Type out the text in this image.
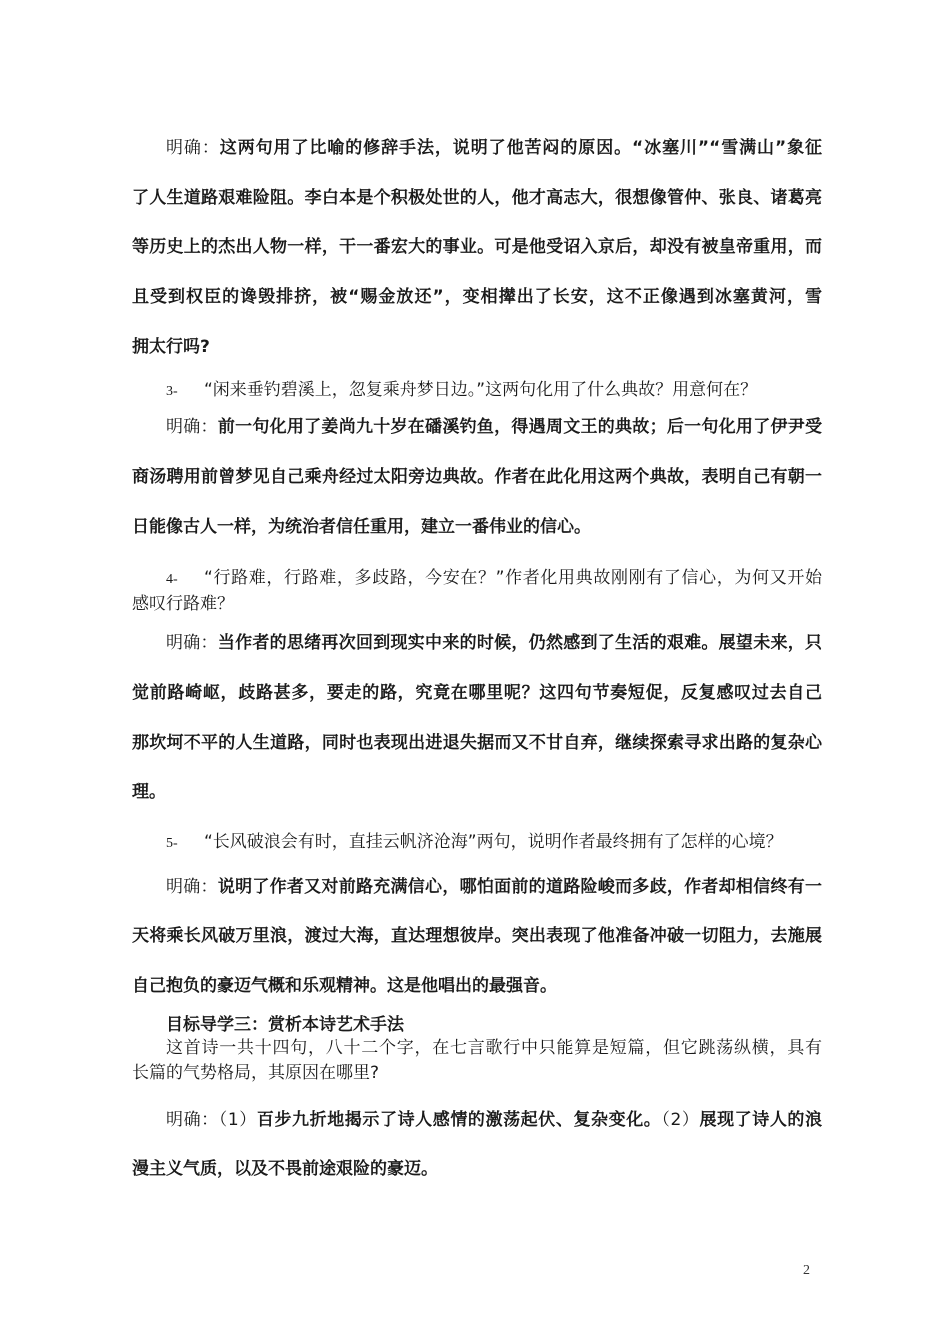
明确：这两句用了比喻的修辞手法，说明了他苦闷的原因。“冰塞川”“雪满山”象征
了人生道路艰难险阻。李白本是个积极处世的人，他才高志大，很想像管仲、张良、诸葛亮
等历史上的杰出人物一样，干一番宏大的事业。可是他受诏入京后，却没有被皇帝重用，而
且受到权臣的谗毁排挤，被“赐金放还”，变相撵出了长安，这不正像遇到冰塞黄河，雪
拥太行吗?
3- “闲来垂钓碧溪上，忽复乘舟梦日边。”这两句化用了什么典故？用意何在？
明确：前一句化用了姜尚九十岁在磻溪钓鱼，得遇周文王的典故；后一句化用了伊尹受
商汤聘用前曾梦见自己乘舟经过太阳旁边典故。作者在此化用这两个典故，表明自己有朝一
日能像古人一样，为统治者信任重用，建立一番伟业的信心。
4- “行路难，行路难，多歧路，今安在？”作者化用典故刚刚有了信心，为何又开始
感叹行路难？
明确：当作者的思绪再次回到现实中来的时候，仍然感到了生活的艰难。展望未来，只
觉前路崎岖，歧路甚多，要走的路，究竟在哪里呢？这四句节奏短促，反复感叹过去自己
那坎坷不平的人生道路，同时也表现出进退失据而又不甘自弃，继续探索寻求出路的复杂心
理。
5- “长风破浪会有时，直挂云帆济沧海”两句，说明作者最终拥有了怎样的心境？
明确：说明了作者又对前路充满信心，哪怕面前的道路险峻而多歧，作者却相信终有一
天将乘长风破万里浪，渡过大海，直达理想彼岸。突出表现了他准备冲破一切阻力，去施展
自己抱负的豪迈气概和乐观精神。这是他唱出的最强音。
目标导学三：赏析本诗艺术手法
这首诗一共十四句，八十二个字，在七言歌行中只能算是短篇，但它跳荡纵横，具有
长篇的气势格局，其原因在哪里?
明确：（1）百步九折地揭示了诗人感情的激荡起伏、复杂变化。（2）展现了诗人的浪
漫主义气质，以及不畏前途艰险的豪迈。
2
